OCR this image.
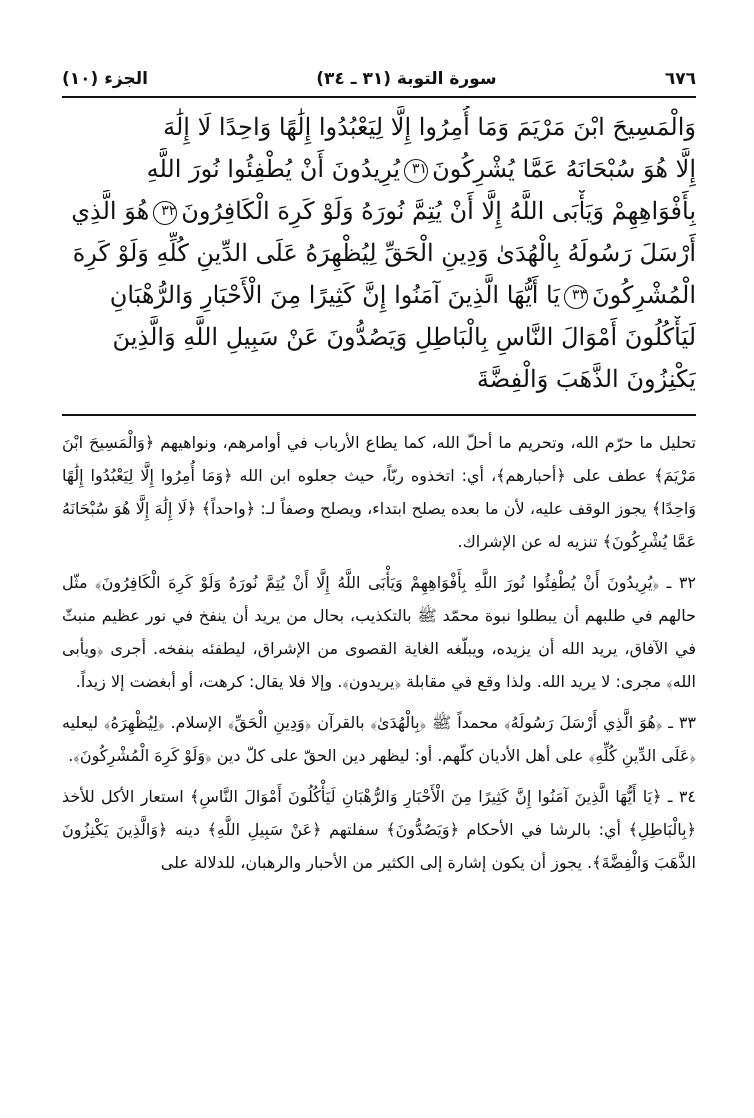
٦٧٦
سورة التوبة (٣١ ـ ٣٤)
الجزء (١٠)
وَالْمَسِيحَ ابْنَ مَرْيَمَ وَمَا أُمِرُوا إِلَّا لِيَعْبُدُوا إِلَٰهًا وَاحِدًا لَا إِلَٰهَ
إِلَّا هُوَ سُبْحَانَهُ عَمَّا يُشْرِكُونَ٣١يُرِيدُونَ أَنْ يُطْفِئُوا نُورَ اللَّهِ
بِأَفْوَاهِهِمْ وَيَأْبَى اللَّهُ إِلَّا أَنْ يُتِمَّ نُورَهُ وَلَوْ كَرِهَ الْكَافِرُونَ٣٢هُوَ الَّذِي
أَرْسَلَ رَسُولَهُ بِالْهُدَىٰ وَدِينِ الْحَقِّ لِيُظْهِرَهُ عَلَى الدِّينِ كُلِّهِ وَلَوْ كَرِهَ
الْمُشْرِكُونَ٣٣يَا أَيُّهَا الَّذِينَ آمَنُوا إِنَّ كَثِيرًا مِنَ الْأَحْبَارِ وَالرُّهْبَانِ
لَيَأْكُلُونَ أَمْوَالَ النَّاسِ بِالْبَاطِلِ وَيَصُدُّونَ عَنْ سَبِيلِ اللَّهِ وَالَّذِينَ
يَكْنِزُونَ الذَّهَبَ وَالْفِضَّةَ

تحليل ما حرّم الله، وتحريم ما أحلّ الله، كما يطاع الأرباب في أوامرهم، ونواهيهم ﴿وَالْمَسِيحَ ابْنَ مَرْيَمَ﴾ عطف على ﴿أحبارهم﴾، أي: اتخذوه ربّاً، حيث جعلوه ابن الله ﴿وَمَا أُمِرُوا إِلَّا لِيَعْبُدُوا إِلَٰهًا وَاحِدًا﴾ يجوز الوقف عليه، لأن ما بعده يصلح ابتداء، ويصلح وصفاً لـ: ﴿واحداً﴾ ﴿لَا إِلَٰهَ إِلَّا هُوَ سُبْحَانَهُ عَمَّا يُشْرِكُونَ﴾ تنزيه له عن الإشراك.

٣٢ ـ ﴿يُرِيدُونَ أَنْ يُطْفِئُوا نُورَ اللَّهِ بِأَفْوَاهِهِمْ وَيَأْبَى اللَّهُ إِلَّا أَنْ يُتِمَّ نُورَهُ وَلَوْ كَرِهَ الْكَافِرُونَ﴾ مثّل حالهم في طلبهم أن يبطلوا نبوة محمّد ﷺ بالتكذيب، بحال من يريد أن ينفخ في نور عظيم منبثّ في الآفاق، يريد الله أن يزيده، ويبلّغه الغاية القصوى من الإشراق، ليطفئه بنفخه. أجرى ﴿ويأبى الله﴾ مجرى: لا يريد الله. ولذا وقع في مقابلة ﴿يريدون﴾. وإلا فلا يقال: كرهت، أو أبغضت إلا زيداً.

٣٣ ـ ﴿هُوَ الَّذِي أَرْسَلَ رَسُولَهُ﴾ محمداً ﷺ ﴿بِالْهُدَىٰ﴾ بالقرآن ﴿وَدِينِ الْحَقِّ﴾ الإسلام. ﴿لِيُظْهِرَهُ﴾ ليعليه ﴿عَلَى الدِّينِ كُلِّهِ﴾ على أهل الأديان كلّهم. أو: ليظهر دين الحقّ على كلّ دين ﴿وَلَوْ كَرِهَ الْمُشْرِكُونَ﴾.

٣٤ ـ ﴿يَا أَيُّهَا الَّذِينَ آمَنُوا إِنَّ كَثِيرًا مِنَ الْأَحْبَارِ وَالرُّهْبَانِ لَيَأْكُلُونَ أَمْوَالَ النَّاسِ﴾ استعار الأكل للأخذ ﴿بِالْبَاطِلِ﴾ أي: بالرشا في الأحكام ﴿وَيَصُدُّونَ﴾ سفلتهم ﴿عَنْ سَبِيلِ اللَّهِ﴾ دينه ﴿وَالَّذِينَ يَكْنِزُونَ الذَّهَبَ وَالْفِضَّةَ﴾. يجوز أن يكون إشارة إلى الكثير من الأحبار والرهبان، للدلالة على
